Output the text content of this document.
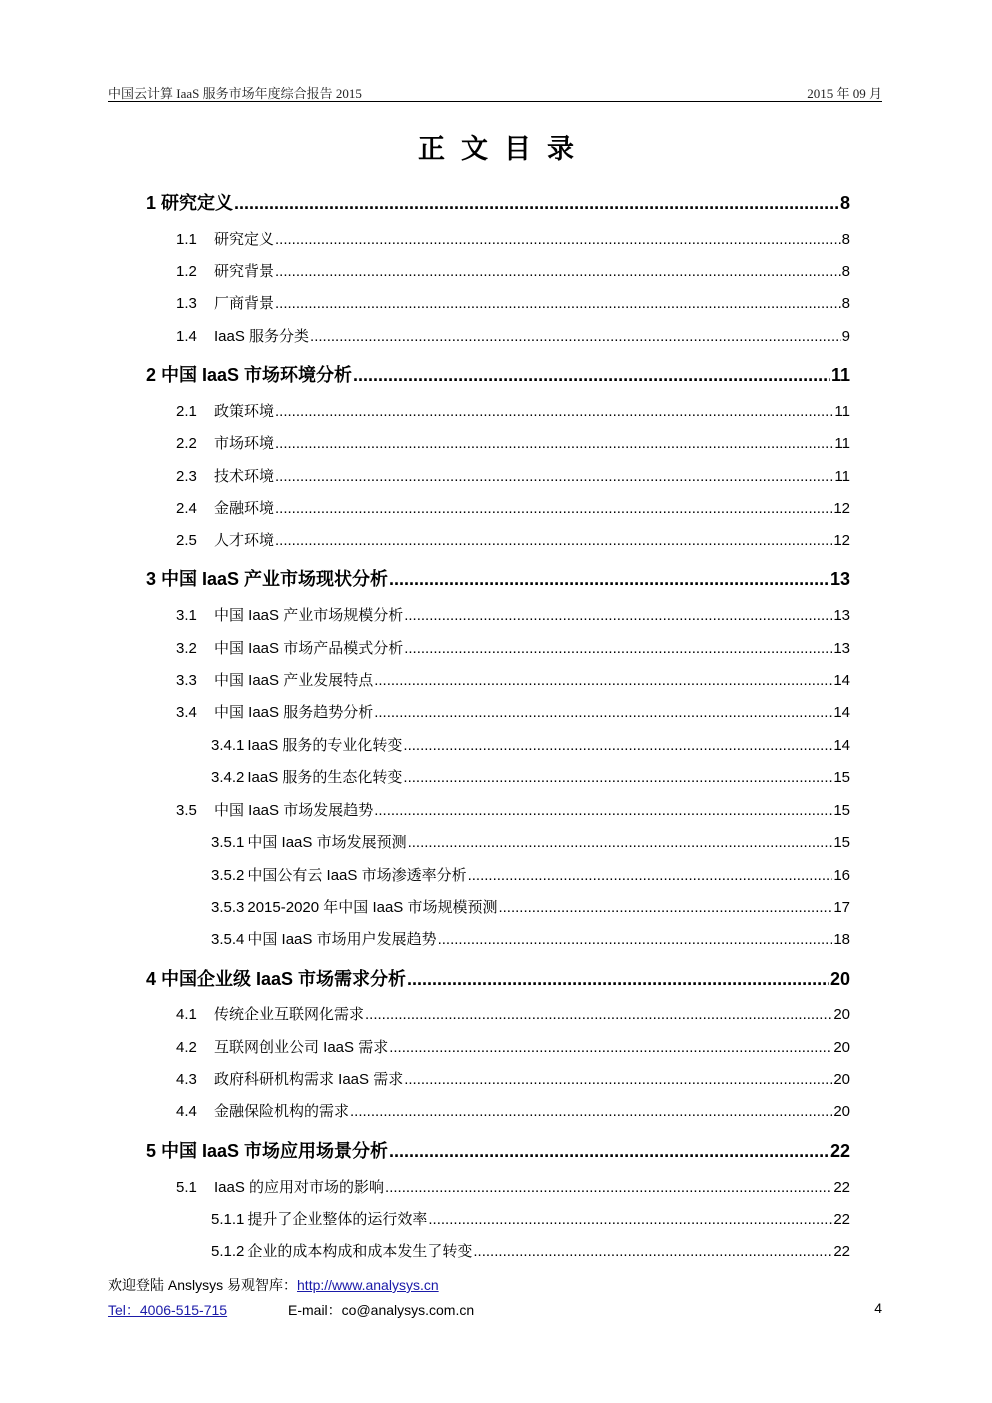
中国云计算 IaaS 服务市场年度综合报告 2015	2015 年 09 月
正文目录
1 研究定义 .....	8
1.1	研究定义 .....	8
1.2	研究背景 .....	8
1.3	厂商背景 .....	8
1.4	IaaS 服务分类 .....	9
2 中国 IaaS 市场环境分析 .....	11
2.1	政策环境 .....	11
2.2	市场环境 .....	11
2.3	技术环境 .....	11
2.4	金融环境 .....	12
2.5	人才环境 .....	12
3 中国 IaaS 产业市场现状分析 .....	13
3.1	中国 IaaS 产业市场规模分析 .....	13
3.2	中国 IaaS 市场产品模式分析 .....	13
3.3	中国 IaaS 产业发展特点 .....	14
3.4	中国 IaaS 服务趋势分析 .....	14
3.4.1 IaaS 服务的专业化转变 .....	14
3.4.2 IaaS 服务的生态化转变 .....	15
3.5	中国 IaaS 市场发展趋势 .....	15
3.5.1 中国 IaaS 市场发展预测 .....	15
3.5.2 中国公有云 IaaS 市场渗透率分析 .....	16
3.5.3 2015-2020 年中国 IaaS 市场规模预测 .....	17
3.5.4 中国 IaaS 市场用户发展趋势 .....	18
4 中国企业级 IaaS 市场需求分析 .....	20
4.1	传统企业互联网化需求 .....	20
4.2	互联网创业公司 IaaS 需求 .....	20
4.3	政府科研机构需求 IaaS 需求 .....	20
4.4	金融保险机构的需求 .....	20
5 中国 IaaS 市场应用场景分析 .....	22
5.1	IaaS 的应用对市场的影响 .....	22
5.1.1 提升了企业整体的运行效率 .....	22
5.1.2 企业的成本构成和成本发生了转变 .....	22
欢迎登陆 Anslysys 易观智库：http://www.analysys.cn
Tel：4006-515-715	E-mail：co@analysys.com.cn	4
